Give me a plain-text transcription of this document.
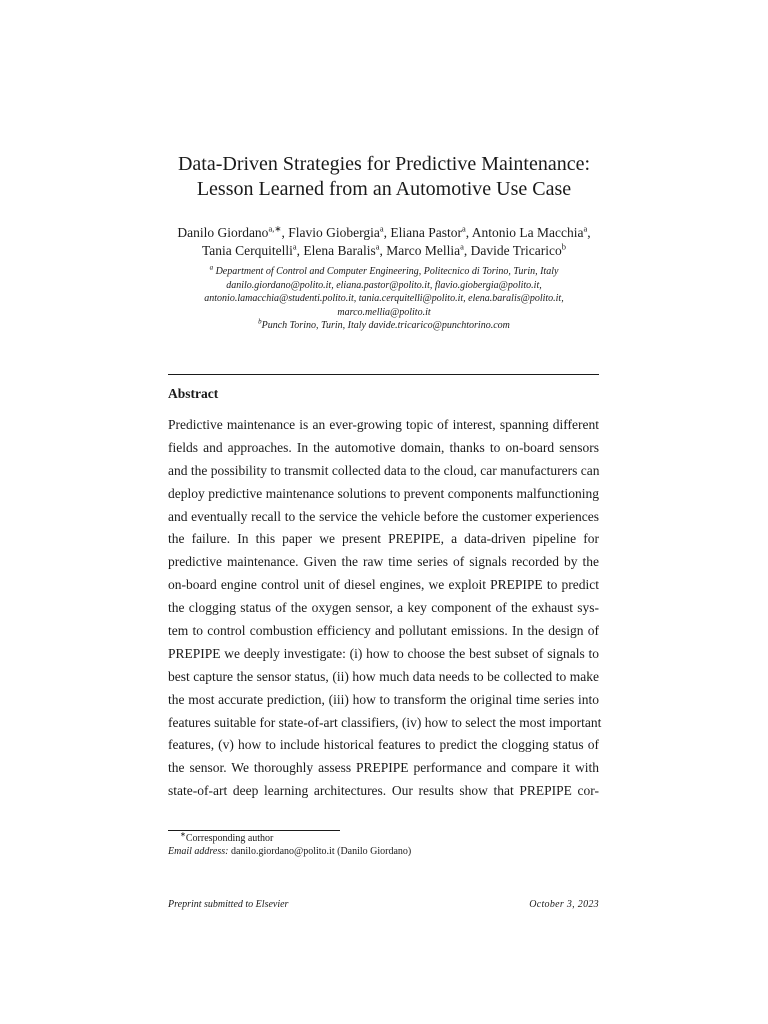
Data-Driven Strategies for Predictive Maintenance:
Lesson Learned from an Automotive Use Case
Danilo Giordano$^{a,∗}$, Flavio Giobergia$^a$, Eliana Pastor$^a$, Antonio La Macchia$^a$,
Tania Cerquitelli$^a$, Elena Baralis$^a$, Marco Mellia$^a$, Davide Tricarico$^b$
$^a$ Department of Control and Computer Engineering, Politecnico di Torino, Turin, Italy
danilo.giordano@polito.it, eliana.pastor@polito.it, flavio.giobergia@polito.it,
antonio.lamacchia@studenti.polito.it, tania.cerquitelli@polito.it, elena.baralis@polito.it,
marco.mellia@polito.it
$^b$Punch Torino, Turin, Italy davide.tricarico@punchtorino.com
Abstract
Predictive maintenance is an ever-growing topic of interest, spanning different
fields and approaches. In the automotive domain, thanks to on-board sensors
and the possibility to transmit collected data to the cloud, car manufacturers can
deploy predictive maintenance solutions to prevent components malfunctioning
and eventually recall to the service the vehicle before the customer experiences
the failure. In this paper we present PREPIPE, a data-driven pipeline for
predictive maintenance. Given the raw time series of signals recorded by the
on-board engine control unit of diesel engines, we exploit PREPIPE to predict
the clogging status of the oxygen sensor, a key component of the exhaust sys-
tem to control combustion efficiency and pollutant emissions. In the design of
PREPIPE we deeply investigate: (i) how to choose the best subset of signals to
best capture the sensor status, (ii) how much data needs to be collected to make
the most accurate prediction, (iii) how to transform the original time series into
features suitable for state-of-art classifiers, (iv) how to select the most important
features, (v) how to include historical features to predict the clogging status of
the sensor. We thoroughly assess PREPIPE performance and compare it with
state-of-art deep learning architectures. Our results show that PREPIPE cor-
∗Corresponding author
Email address: danilo.giordano@polito.it (Danilo Giordano)
Preprint submitted to Elsevier	October 3, 2023
